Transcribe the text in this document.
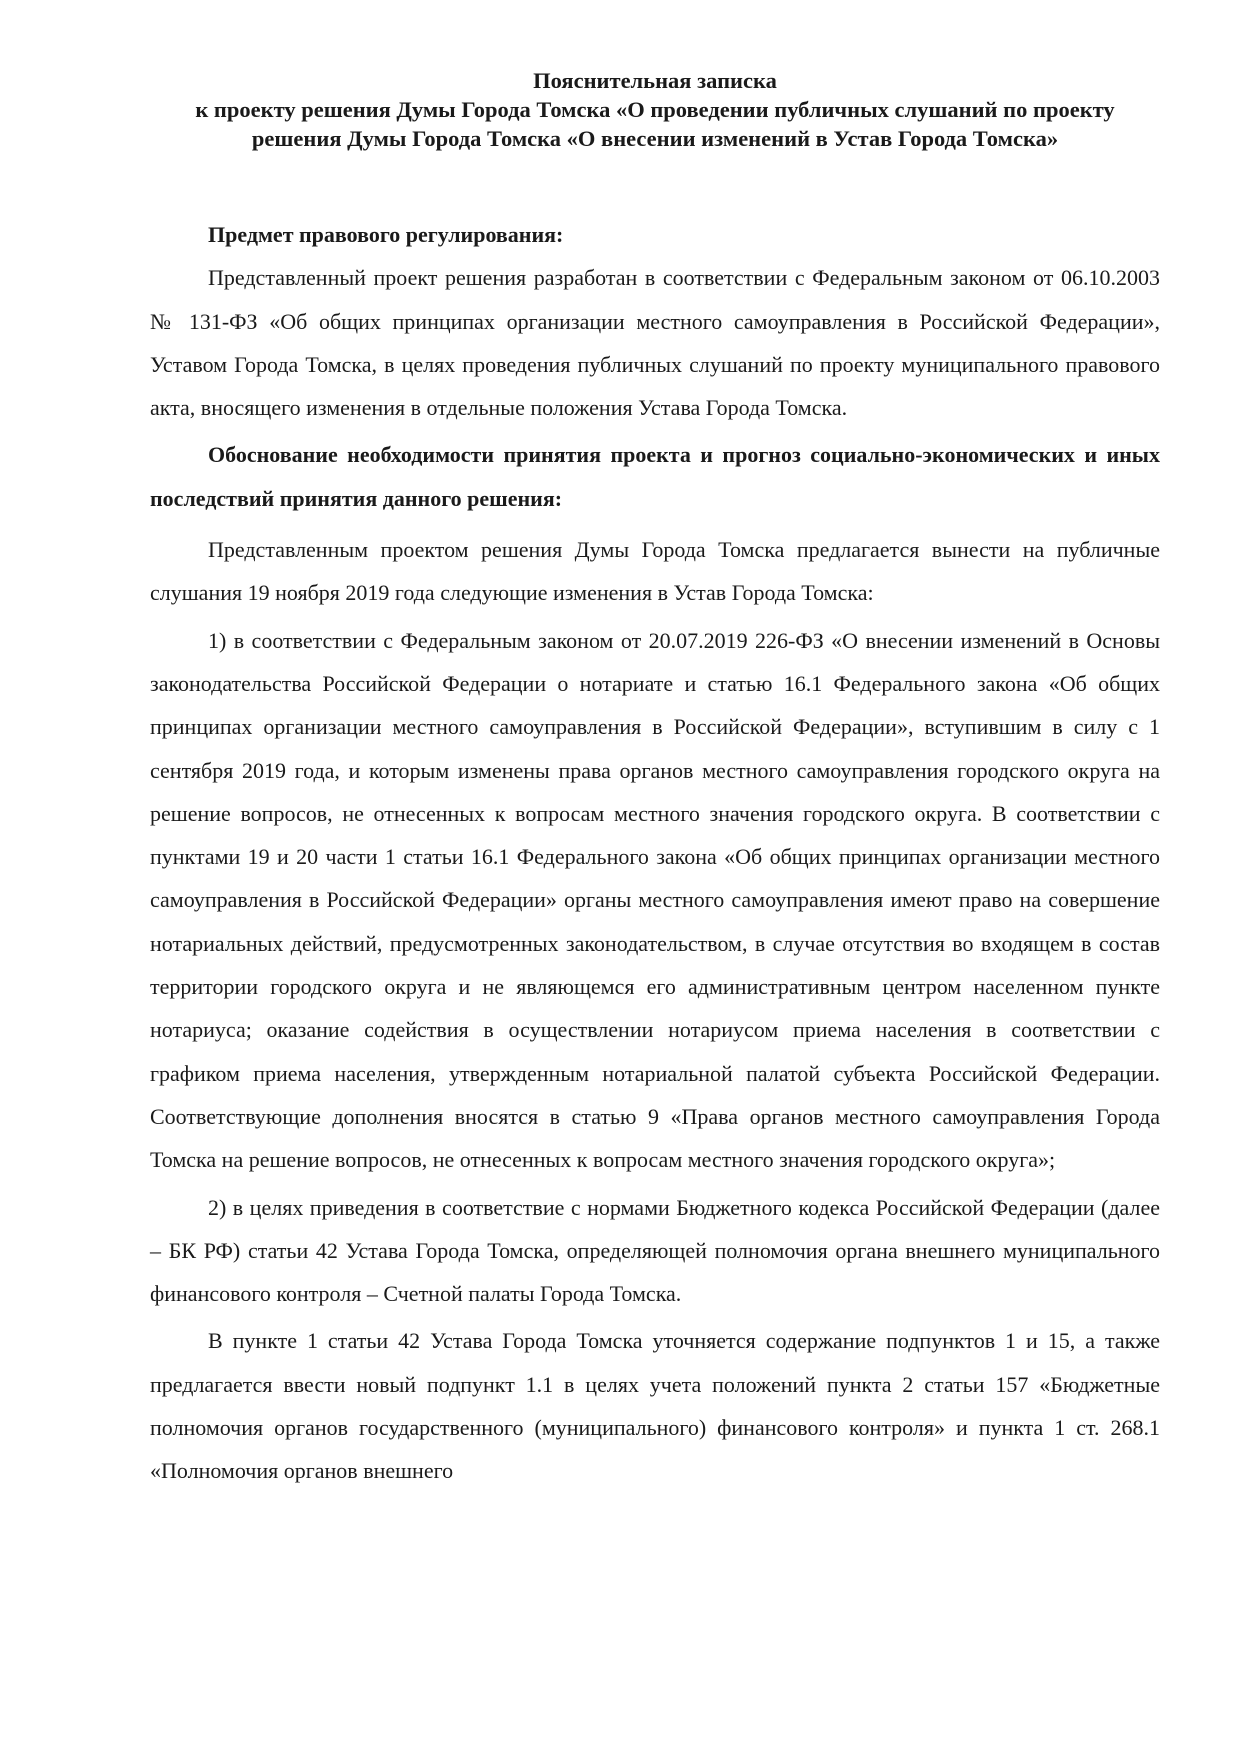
Пояснительная записка
к проекту решения Думы Города Томска «О проведении публичных слушаний по проекту решения Думы Города Томска «О внесении изменений в Устав Города Томска»

Предмет правового регулирования:

Представленный проект решения разработан в соответствии с Федеральным законом от 06.10.2003 № 131-ФЗ «Об общих принципах организации местного самоуправления в Российской Федерации», Уставом Города Томска, в целях проведения публичных слушаний по проекту муниципального правового акта, вносящего изменения в отдельные положения Устава Города Томска.

Обоснование необходимости принятия проекта и прогноз социально-экономических и иных последствий принятия данного решения:

Представленным проектом решения Думы Города Томска предлагается вынести на публичные слушания 19 ноября 2019 года следующие изменения в Устав Города Томска:

1) в соответствии с Федеральным законом от 20.07.2019 226-ФЗ «О внесении изменений в Основы законодательства Российской Федерации о нотариате и статью 16.1 Федерального закона «Об общих принципах организации местного самоуправления в Российской Федерации», вступившим в силу с 1 сентября 2019 года, и которым изменены права органов местного самоуправления городского округа на решение вопросов, не отнесенных к вопросам местного значения городского округа. В соответствии с пунктами 19 и 20 части 1 статьи 16.1 Федерального закона «Об общих принципах организации местного самоуправления в Российской Федерации» органы местного самоуправления имеют право на совершение нотариальных действий, предусмотренных законодательством, в случае отсутствия во входящем в состав территории городского округа и не являющемся его административным центром населенном пункте нотариуса; оказание содействия в осуществлении нотариусом приема населения в соответствии с графиком приема населения, утвержденным нотариальной палатой субъекта Российской Федерации. Соответствующие дополнения вносятся в статью 9 «Права органов местного самоуправления Города Томска на решение вопросов, не отнесенных к вопросам местного значения городского округа»;

2) в целях приведения в соответствие с нормами Бюджетного кодекса Российской Федерации (далее – БК РФ) статьи 42 Устава Города Томска, определяющей полномочия органа внешнего муниципального финансового контроля – Счетной палаты Города Томска.

В пункте 1 статьи 42 Устава Города Томска уточняется содержание подпунктов 1 и 15, а также предлагается ввести новый подпункт 1.1 в целях учета положений пункта 2 статьи 157 «Бюджетные полномочия органов государственного (муниципального) финансового контроля» и пункта 1 ст. 268.1 «Полномочия органов внешнего
